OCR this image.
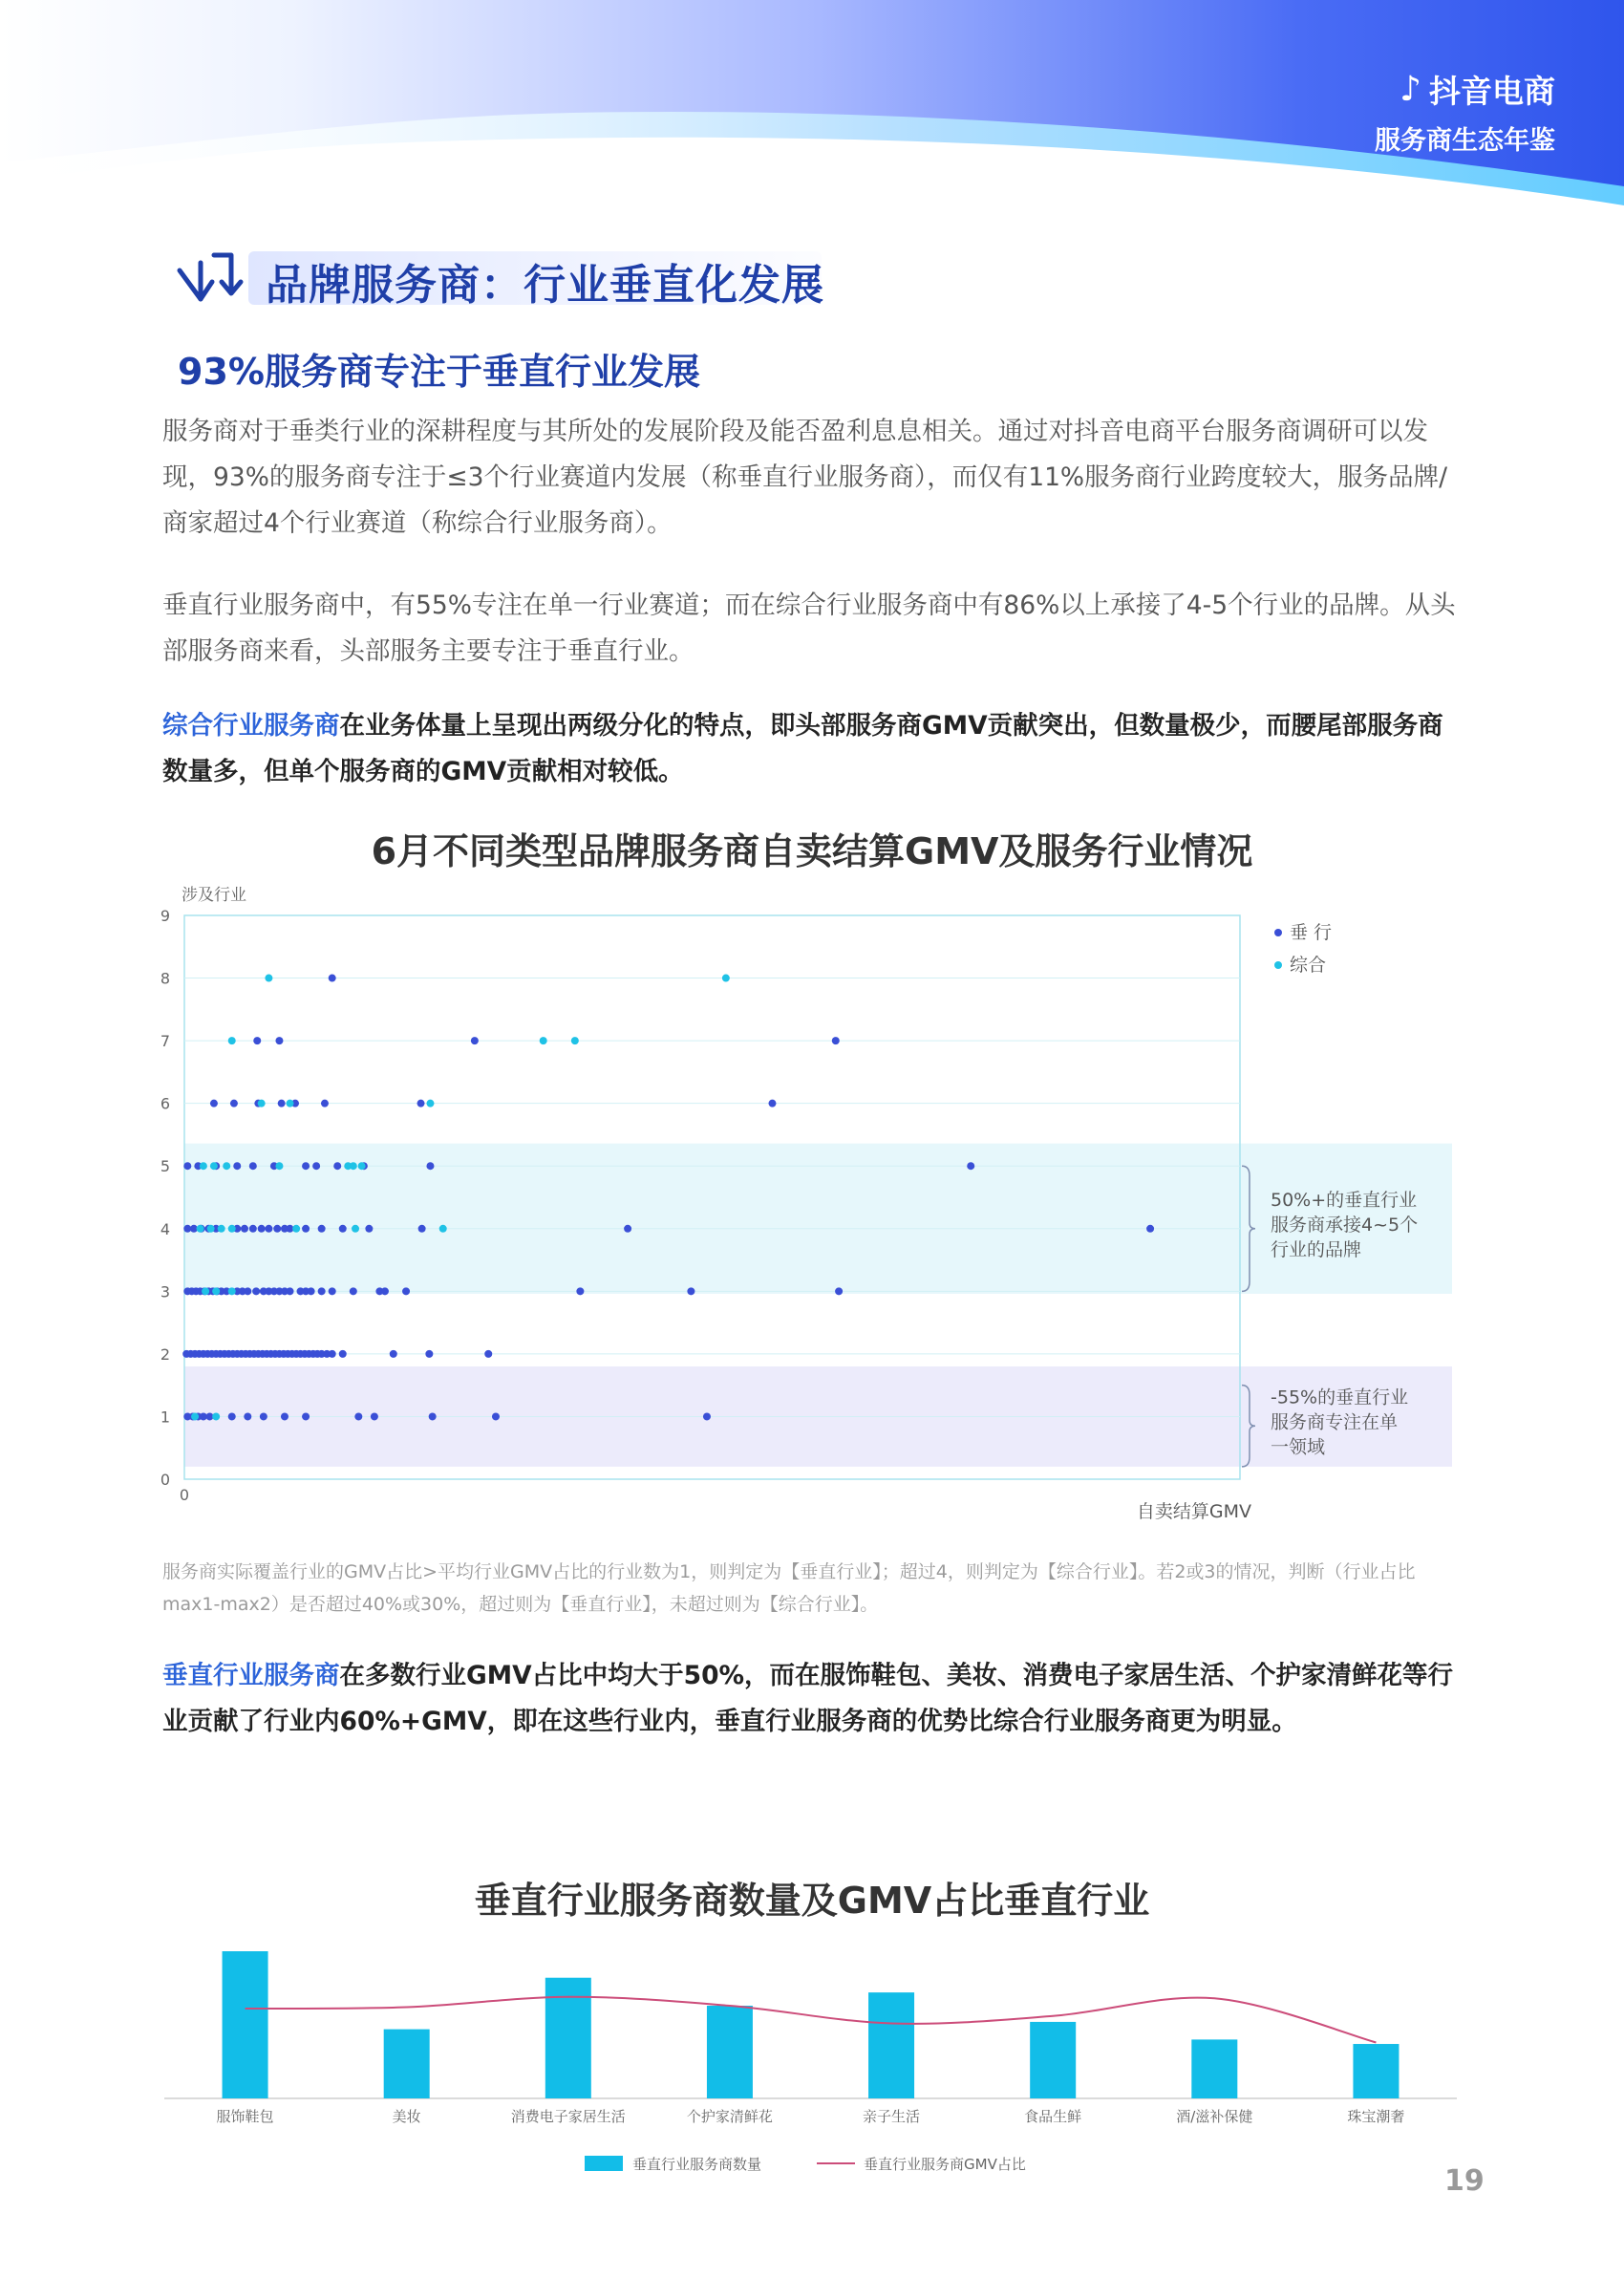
♪ 抖音电商
服务商生态年鉴
品牌服务商：行业垂直化发展
93%服务商专注于垂直行业发展
服务商对于垂类行业的深耕程度与其所处的发展阶段及能否盈利息息相关。通过对抖音电商平台服务商调研可以发现，93%的服务商专注于≤3个行业赛道内发展（称垂直行业服务商），而仅有11%服务商行业跨度较大，服务品牌/商家超过4个行业赛道（称综合行业服务商）。
垂直行业服务商中，有55%专注在单一行业赛道；而在综合行业服务商中有86%以上承接了4-5个行业的品牌。从头部服务商来看，头部服务主要专注于垂直行业。
综合行业服务商在业务体量上呈现出两级分化的特点，即头部服务商GMV贡献突出，但数量极少，而腰尾部服务商数量多，但单个服务商的GMV贡献相对较低。
6月不同类型品牌服务商自卖结算GMV及服务行业情况
0
1
2
3
4
5
6
7
8
9
0
涉及行业
自卖结算GMV
垂 行
综合
50%+的垂直行业服务商承接4~5个行业的品牌
-55%的垂直行业服务商专注在单一领域
服务商实际覆盖行业的GMV占比>平均行业GMV占比的行业数为1，则判定为【垂直行业】；超过4，则判定为【综合行业】。若2或3的情况，判断（行业占比max1-max2）是否超过40%或30%，超过则为【垂直行业】，未超过则为【综合行业】。
垂直行业服务商在多数行业GMV占比中均大于50%，而在服饰鞋包、美妆、消费电子家居生活、个护家清鲜花等行业贡献了行业内60%+GMV，即在这些行业内，垂直行业服务商的优势比综合行业服务商更为明显。
垂直行业服务商数量及GMV占比垂直行业
服饰鞋包	美妆	消费电子家居生活	个护家清鲜花	亲子生活	食品生鲜	酒/滋补保健	珠宝潮奢
垂直行业服务商数量	垂直行业服务商GMV占比	19
